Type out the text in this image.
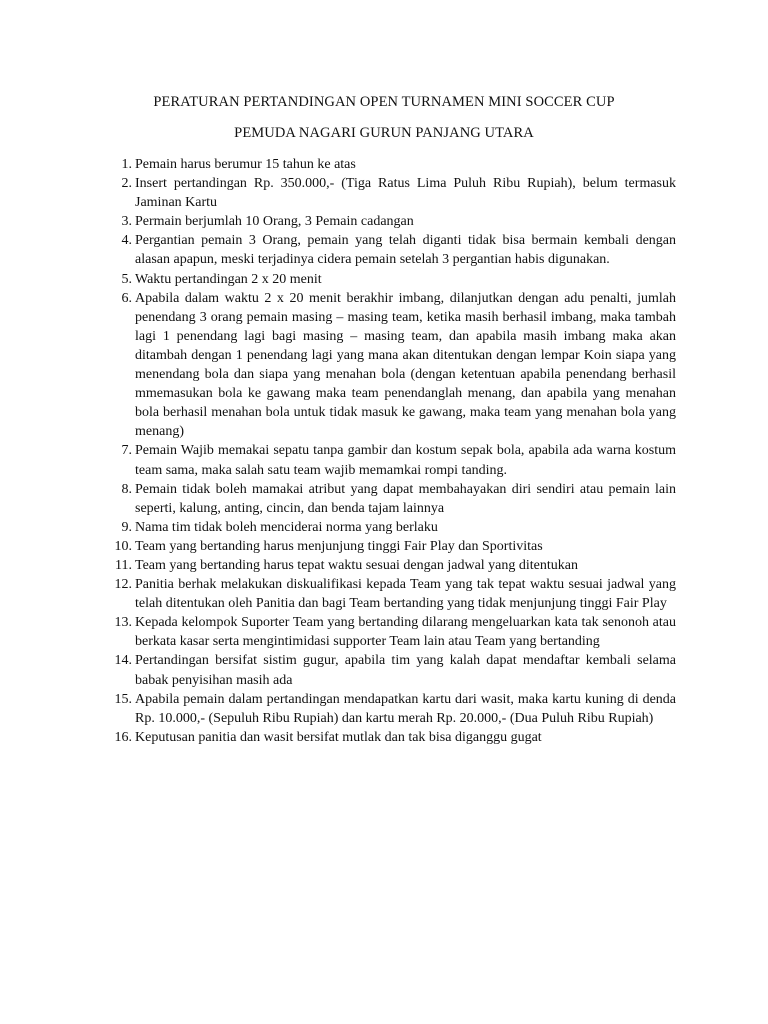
PERATURAN PERTANDINGAN OPEN TURNAMEN MINI SOCCER CUP
PEMUDA NAGARI GURUN PANJANG UTARA
1. Pemain harus berumur 15 tahun ke atas
2. Insert pertandingan Rp. 350.000,- (Tiga Ratus Lima Puluh Ribu Rupiah), belum termasuk Jaminan Kartu
3. Permain berjumlah 10 Orang, 3 Pemain cadangan
4. Pergantian pemain 3 Orang, pemain yang telah diganti tidak bisa bermain kembali dengan alasan apapun, meski terjadinya cidera pemain setelah 3 pergantian habis digunakan.
5. Waktu pertandingan 2 x 20 menit
6. Apabila dalam waktu 2 x 20 menit berakhir imbang, dilanjutkan dengan adu penalti, jumlah penendang 3 orang pemain masing – masing team, ketika masih berhasil imbang, maka tambah lagi 1 penendang lagi bagi masing – masing team, dan apabila masih imbang maka akan ditambah dengan 1 penendang lagi yang mana akan ditentukan dengan lempar Koin siapa yang menendang bola dan siapa yang menahan bola (dengan ketentuan apabila penendang berhasil mmemasukan bola ke gawang maka team penendanglah menang, dan apabila yang menahan bola berhasil menahan bola untuk tidak masuk ke gawang, maka team yang menahan bola yang menang)
7. Pemain Wajib memakai sepatu tanpa gambir dan kostum sepak bola, apabila ada warna kostum team sama, maka salah satu team wajib memamkai rompi tanding.
8. Pemain tidak boleh mamakai atribut yang dapat membahayakan diri sendiri atau pemain lain seperti, kalung, anting, cincin, dan benda tajam lainnya
9. Nama tim tidak boleh menciderai norma yang berlaku
10. Team yang bertanding harus menjunjung tinggi Fair Play dan Sportivitas
11. Team yang bertanding harus tepat waktu sesuai dengan jadwal yang ditentukan
12. Panitia berhak melakukan diskualifikasi kepada Team yang tak tepat waktu sesuai jadwal yang telah ditentukan oleh Panitia dan bagi Team bertanding yang tidak menjunjung tinggi Fair Play
13. Kepada kelompok Suporter Team yang bertanding dilarang mengeluarkan kata tak senonoh atau berkata kasar serta mengintimidasi supporter Team lain atau Team yang bertanding
14. Pertandingan bersifat sistim gugur, apabila tim yang kalah dapat mendaftar kembali selama babak penyisihan masih ada
15. Apabila pemain dalam pertandingan mendapatkan kartu dari wasit, maka kartu kuning di denda Rp. 10.000,- (Sepuluh Ribu Rupiah) dan kartu merah Rp. 20.000,- (Dua Puluh Ribu Rupiah)
16. Keputusan panitia dan wasit bersifat mutlak dan tak bisa diganggu gugat
